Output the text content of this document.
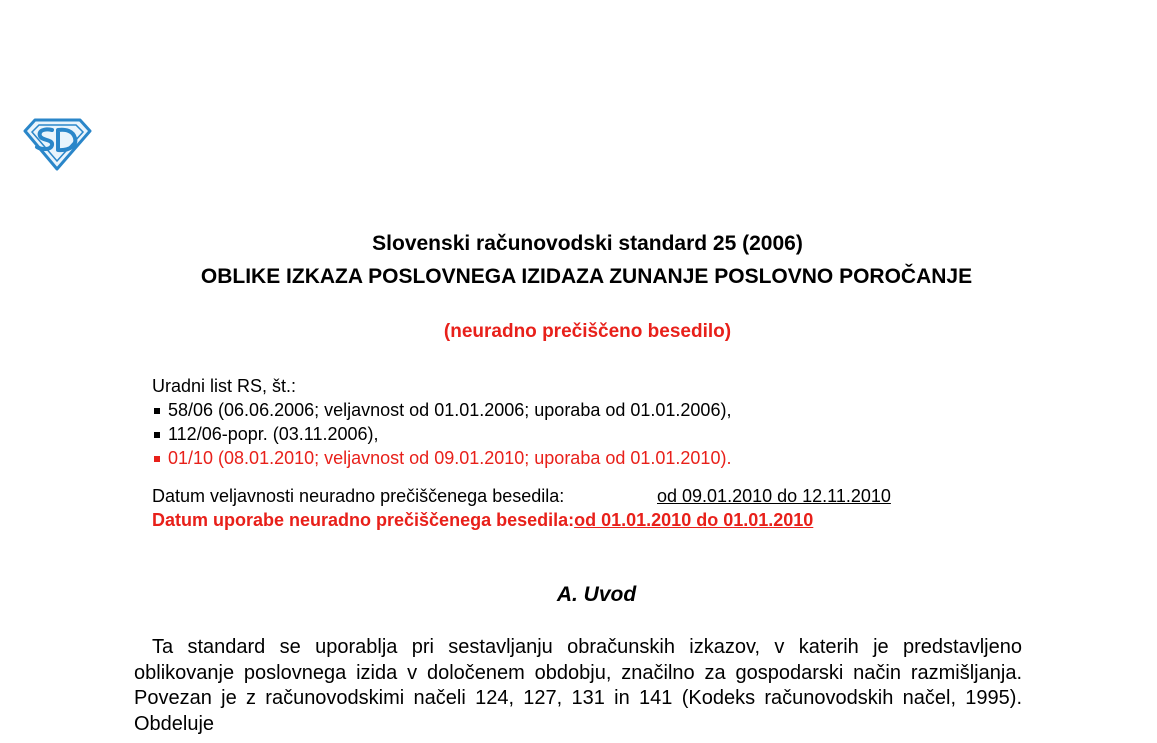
Slovenski računovodski standard 25 (2006)
OBLIKE IZKAZA POSLOVNEGA IZIDAZA ZUNANJE POSLOVNO POROČANJE
(neuradno prečiščeno besedilo)
Uradni list RS, št.:
58/06 (06.06.2006; veljavnost od 01.01.2006; uporaba od 01.01.2006),
112/06-popr. (03.11.2006),
01/10 (08.01.2010; veljavnost od 09.01.2010; uporaba od 01.01.2010).
Datum veljavnosti neuradno prečiščenega besedila:	od 09.01.2010 do 12.11.2010
Datum uporabe neuradno prečiščenega besedila:od 01.01.2010 do 01.01.2010
A. Uvod
Ta standard se uporablja pri sestavljanju obračunskih izkazov, v katerih je predstavljeno oblikovanje poslovnega izida v določenem obdobju, značilno za gospodarski način razmišljanja. Povezan je z računovodskimi načeli 124, 127, 131 in 141 (Kodeks računovodskih načel, 1995). Obdeluje
